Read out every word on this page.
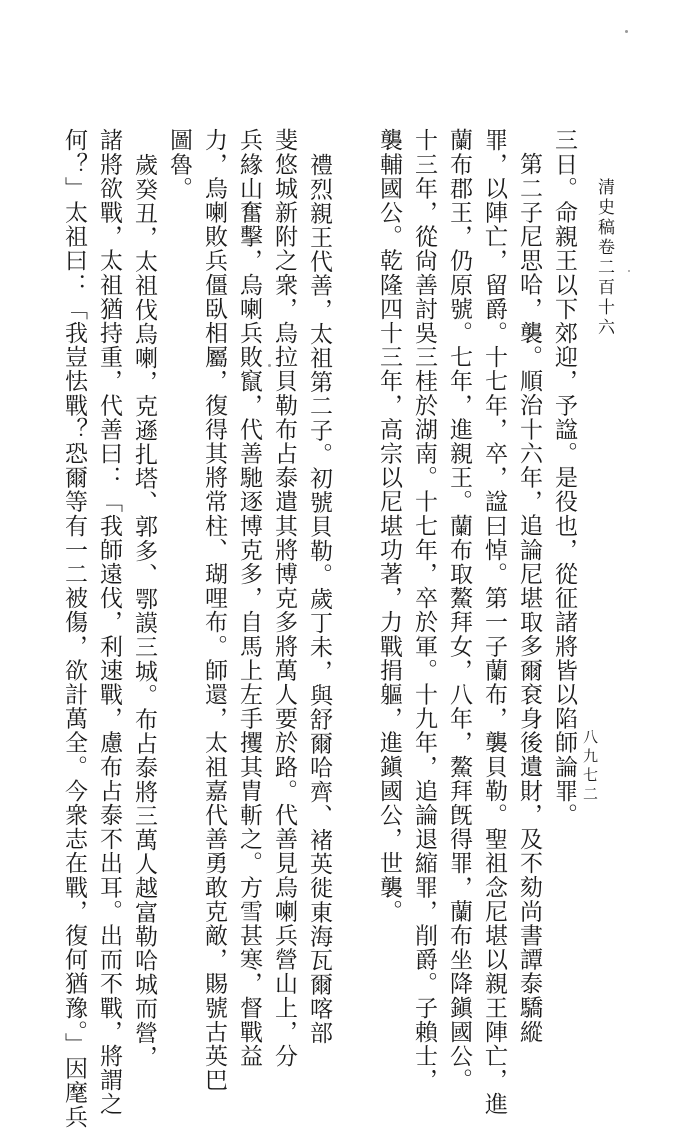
清史稿卷二百十六
八九七二
三日。命親王以下郊迎，予諡。是役也，從征諸將皆以陷師論罪。
第二子尼思哈，襲。順治十六年，追論尼堪取多爾袞身後遺財，及不劾尚書譚泰驕縱
罪，以陣亡，留爵。十七年，卒，諡曰悼。第一子蘭布，襲貝勒。聖祖念尼堪以親王陣亡，進
蘭布郡王，仍原號。七年，進親王。蘭布取鰲拜女，八年，鰲拜旣得罪，蘭布坐降鎭國公。
十三年，從尙善討吳三桂於湖南。十七年，卒於軍。十九年，追論退縮罪，削爵。子賴士，
襲輔國公。乾隆四十三年，高宗以尼堪功著，力戰捐軀，進鎭國公，世襲。
禮烈親王代善，太祖第二子。初號貝勒。歲丁未，與舒爾哈齊、褚英徙東海瓦爾喀部
斐悠城新附之衆，烏拉貝勒布占泰遣其將博克多將萬人要於路。代善見烏喇兵營山上，分
兵緣山奮擊，烏喇兵敗竄，代善馳逐博克多，自馬上左手攫其胄斬之。方雪甚寒，督戰益
力，烏喇敗兵僵臥相屬，復得其將常柱、瑚哩布。師還，太祖嘉代善勇敢克敵，賜號古英巴
圖魯。
歲癸丑，太祖伐烏喇，克遜扎塔、郭多、鄂謨三城。布占泰將三萬人越富勒哈城而營，
諸將欲戰，太祖猶持重，代善曰：「我師遠伐，利速戰，慮布占泰不出耳。出而不戰，將謂之
何？」太祖曰：「我豈怯戰？恐爾等有一二被傷，欲計萬全。今衆志在戰，復何猶豫。」因麾兵
